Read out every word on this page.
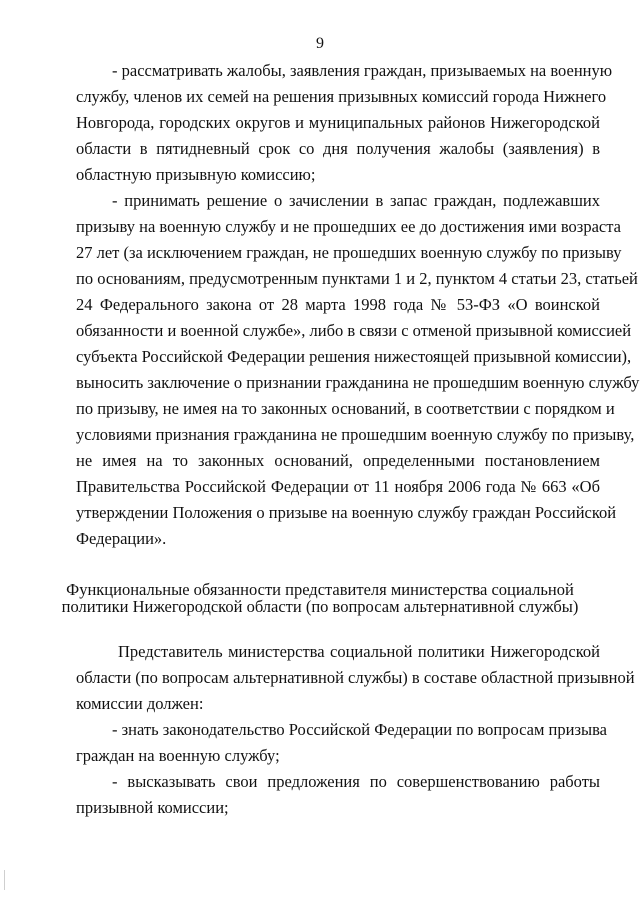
9
- рассматривать жалобы, заявления граждан, призываемых на военную
службу, членов их семей на решения призывных комиссий города Нижнего
Новгорода, городских округов и муниципальных районов Нижегородской
области в пятидневный срок со дня получения жалобы (заявления) в
областную призывную комиссию;
- принимать решение о зачислении в запас граждан, подлежавших
призыву на военную службу и не прошедших ее до достижения ими возраста
27 лет (за исключением граждан, не прошедших военную службу по призыву
по основаниям, предусмотренным пунктами 1 и 2, пунктом 4 статьи 23, статьей
24 Федерального закона от 28 марта 1998 года № 53-ФЗ «О воинской
обязанности и военной службе», либо в связи с отменой призывной комиссией
субъекта Российской Федерации решения нижестоящей призывной комиссии),
выносить заключение о признании гражданина не прошедшим военную службу
по призыву, не имея на то законных оснований, в соответствии с порядком и
условиями признания гражданина не прошедшим военную службу по призыву,
не имея на то законных оснований, определенными постановлением
Правительства Российской Федерации от 11 ноября 2006 года № 663 «Об
утверждении Положения о призыве на военную службу граждан Российской
Федерации».
Функциональные обязанности представителя министерства социальной
политики Нижегородской области (по вопросам альтернативной службы)
Представитель министерства социальной политики Нижегородской
области (по вопросам альтернативной службы) в составе областной призывной
комиссии должен:
- знать законодательство Российской Федерации по вопросам призыва
граждан на военную службу;
- высказывать свои предложения по совершенствованию работы
призывной комиссии;
